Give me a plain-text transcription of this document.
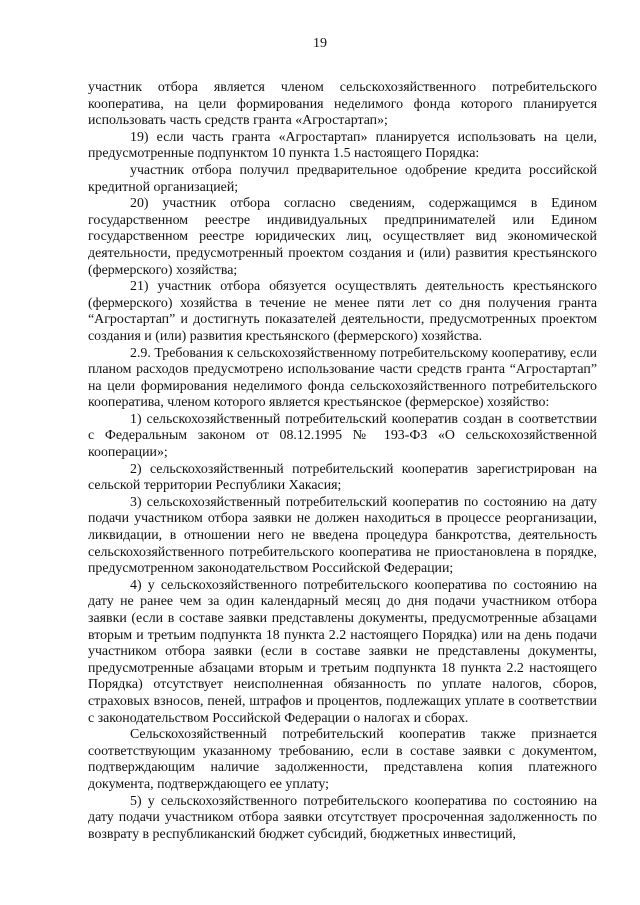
19

участник отбора является членом сельскохозяйственного потребительского кооператива, на цели формирования неделимого фонда которого планируется использовать часть средств гранта «Агростартап»;

19) если часть гранта «Агростартап» планируется использовать на цели, предусмотренные подпунктом 10 пункта 1.5 настоящего Порядка:

участник отбора получил предварительное одобрение кредита российской кредитной организацией;

20) участник отбора согласно сведениям, содержащимся в Едином государственном реестре индивидуальных предпринимателей или Едином государственном реестре юридических лиц, осуществляет вид экономической деятельности, предусмотренный проектом создания и (или) развития крестьянского (фермерского) хозяйства;

21) участник отбора обязуется осуществлять деятельность крестьянского (фермерского) хозяйства в течение не менее пяти лет со дня получения гранта “Агростартап” и достигнуть показателей деятельности, предусмотренных проектом создания и (или) развития крестьянского (фермерского) хозяйства.

2.9. Требования к сельскохозяйственному потребительскому кооперативу, если планом расходов предусмотрено использование части средств гранта “Агростартап” на цели формирования неделимого фонда сельскохозяйственного потребительского кооператива, членом которого является крестьянское (фермерское) хозяйство:

1) сельскохозяйственный потребительский кооператив создан в соответствии с Федеральным законом от 08.12.1995 № 193-ФЗ «О сельскохозяйственной кооперации»;

2) сельскохозяйственный потребительский кооператив зарегистрирован на сельской территории Республики Хакасия;

3) сельскохозяйственный потребительский кооператив по состоянию на дату подачи участником отбора заявки не должен находиться в процессе реорганизации, ликвидации, в отношении него не введена процедура банкротства, деятельность сельскохозяйственного потребительского кооператива не приостановлена в порядке, предусмотренном законодательством Российской Федерации;

4) у сельскохозяйственного потребительского кооператива по состоянию на дату не ранее чем за один календарный месяц до дня подачи участником отбора заявки (если в составе заявки представлены документы, предусмотренные абзацами вторым и третьим подпункта 18 пункта 2.2 настоящего Порядка) или на день подачи участником отбора заявки (если в составе заявки не представлены документы, предусмотренные абзацами вторым и третьим подпункта 18 пункта 2.2 настоящего Порядка) отсутствует неисполненная обязанность по уплате налогов, сборов, страховых взносов, пеней, штрафов и процентов, подлежащих уплате в соответствии с законодательством Российской Федерации о налогах и сборах.

Сельскохозяйственный потребительский кооператив также признается соответствующим указанному требованию, если в составе заявки с документом, подтверждающим наличие задолженности, представлена копия платежного документа, подтверждающего ее уплату;

5) у сельскохозяйственного потребительского кооператива по состоянию на дату подачи участником отбора заявки отсутствует просроченная задолженность по возврату в республиканский бюджет субсидий, бюджетных инвестиций,
